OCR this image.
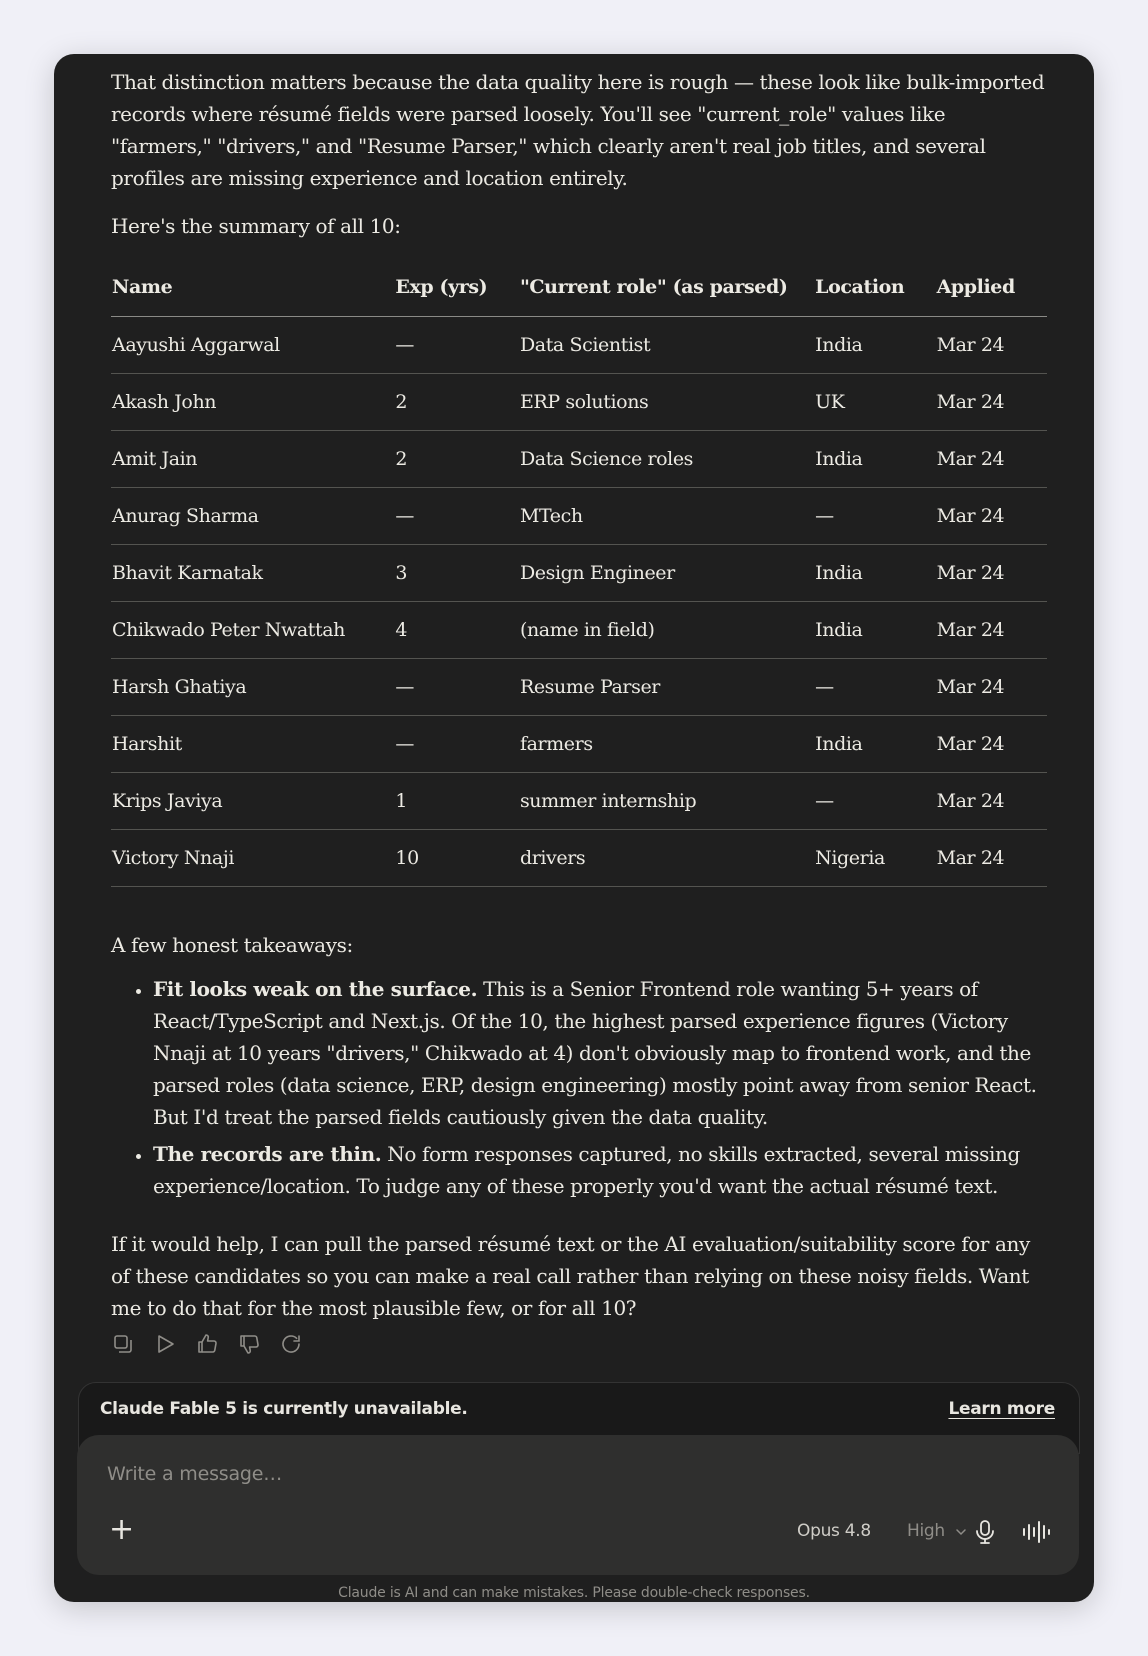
That distinction matters because the data quality here is rough — these look like bulk-imported records where résumé fields were parsed loosely. You'll see "current_role" values like "farmers," "drivers," and "Resume Parser," which clearly aren't real job titles, and several profiles are missing experience and location entirely.

Here's the summary of all 10:

Name	Exp (yrs)	"Current role" (as parsed)	Location	Applied
Aayushi Aggarwal	—	Data Scientist	India	Mar 24
Akash John	2	ERP solutions	UK	Mar 24
Amit Jain	2	Data Science roles	India	Mar 24
Anurag Sharma	—	MTech	—	Mar 24
Bhavit Karnatak	3	Design Engineer	India	Mar 24
Chikwado Peter Nwattah	4	(name in field)	India	Mar 24
Harsh Ghatiya	—	Resume Parser	—	Mar 24
Harshit	—	farmers	India	Mar 24
Krips Javiya	1	summer internship	—	Mar 24
Victory Nnaji	10	drivers	Nigeria	Mar 24

A few honest takeaways:

• Fit looks weak on the surface. This is a Senior Frontend role wanting 5+ years of React/TypeScript and Next.js. Of the 10, the highest parsed experience figures (Victory Nnaji at 10 years "drivers," Chikwado at 4) don't obviously map to frontend work, and the parsed roles (data science, ERP, design engineering) mostly point away from senior React. But I'd treat the parsed fields cautiously given the data quality.
• The records are thin. No form responses captured, no skills extracted, several missing experience/location. To judge any of these properly you'd want the actual résumé text.

If it would help, I can pull the parsed résumé text or the AI evaluation/suitability score for any of these candidates so you can make a real call rather than relying on these noisy fields. Want me to do that for the most plausible few, or for all 10?

Claude Fable 5 is currently unavailable.	Learn more
Write a message…
+	Opus 4.8 High
Claude is AI and can make mistakes. Please double-check responses.
